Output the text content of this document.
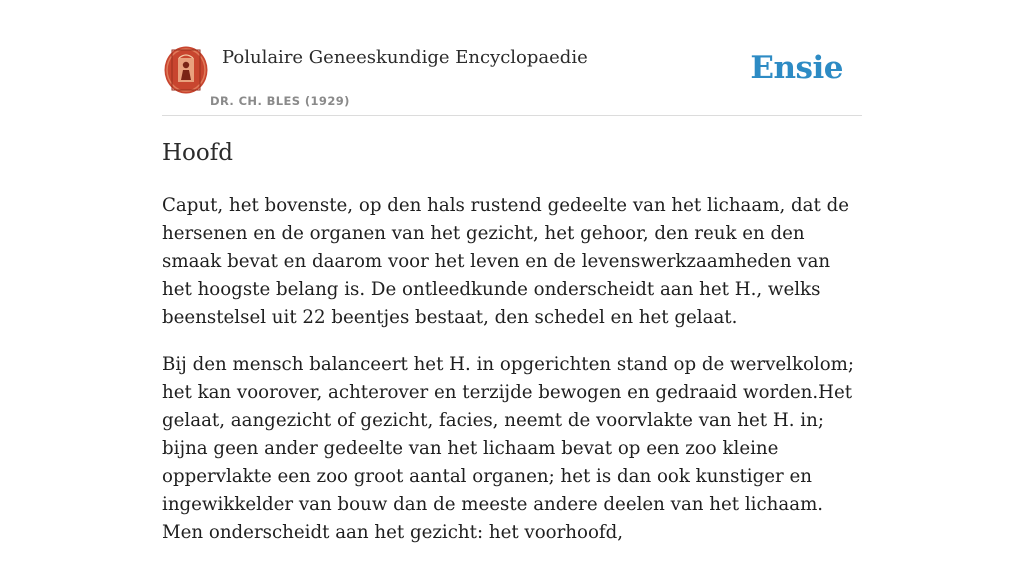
Polulaire Geneeskundige Encyclopaedie
DR. CH. BLES (1929)
Ensie
Hoofd

Caput, het bovenste, op den hals rustend gedeelte van het lichaam, dat de hersenen en de organen van het gezicht, het gehoor, den reuk en den smaak bevat en daarom voor het leven en de levenswerkzaamheden van het hoogste belang is. De ontleedkunde onderscheidt aan het H., welks beenstelsel uit 22 beentjes bestaat, den schedel en het gelaat.

Bij den mensch balanceert het H. in opgerichten stand op de wervelkolom; het kan voorover, achterover en terzijde bewogen en gedraaid worden.Het gelaat, aangezicht of gezicht, facies, neemt de voorvlakte van het H. in; bijna geen ander gedeelte van het lichaam bevat op een zoo kleine oppervlakte een zoo groot aantal organen; het is dan ook kunstiger en ingewikkelder van bouw dan de meeste andere deelen van het lichaam. Men onderscheidt aan het gezicht: het voorhoofd,
